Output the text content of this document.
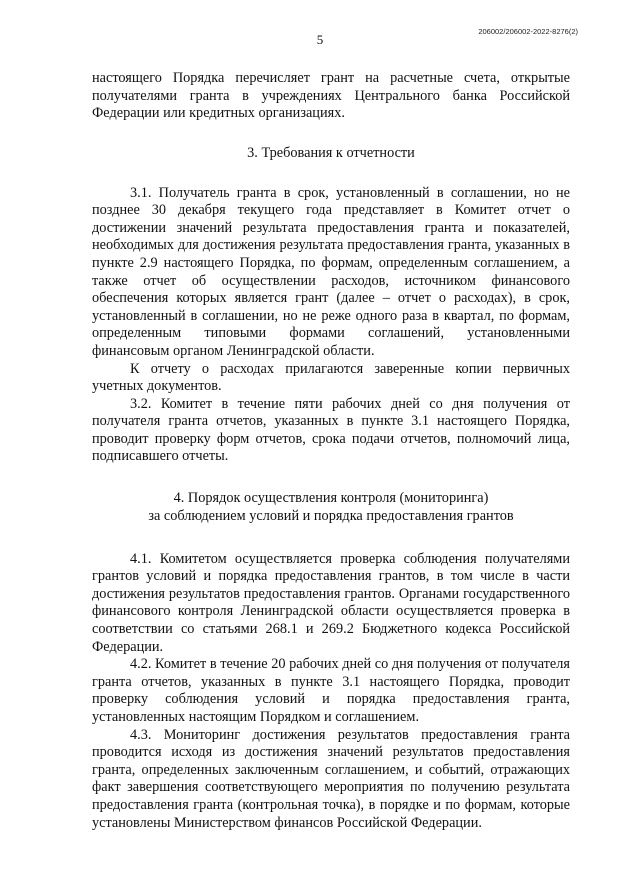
5
206002/206002-2022-8276(2)

настоящего Порядка перечисляет грант на расчетные счета, открытые получателями гранта в учреждениях Центрального банка Российской Федерации или кредитных организациях.

3. Требования к отчетности

3.1. Получатель гранта в срок, установленный в соглашении, но не позднее 30 декабря текущего года представляет в Комитет отчет о достижении значений результата предоставления гранта и показателей, необходимых для достижения результата предоставления гранта, указанных в пункте 2.9 настоящего Порядка, по формам, определенным соглашением, а также отчет об осуществлении расходов, источником финансового обеспечения которых является грант (далее – отчет о расходах), в срок, установленный в соглашении, но не реже одного раза в квартал, по формам, определенным типовыми формами соглашений, установленными финансовым органом Ленинградской области.

К отчету о расходах прилагаются заверенные копии первичных учетных документов.

3.2. Комитет в течение пяти рабочих дней со дня получения от получателя гранта отчетов, указанных в пункте 3.1 настоящего Порядка, проводит проверку форм отчетов, срока подачи отчетов, полномочий лица, подписавшего отчеты.

4. Порядок осуществления контроля (мониторинга)
за соблюдением условий и порядка предоставления грантов

4.1. Комитетом осуществляется проверка соблюдения получателями грантов условий и порядка предоставления грантов, в том числе в части достижения результатов предоставления грантов. Органами государственного финансового контроля Ленинградской области осуществляется проверка в соответствии со статьями 268.1 и 269.2 Бюджетного кодекса Российской Федерации.

4.2. Комитет в течение 20 рабочих дней со дня получения от получателя гранта отчетов, указанных в пункте 3.1 настоящего Порядка, проводит проверку соблюдения условий и порядка предоставления гранта, установленных настоящим Порядком и соглашением.

4.3. Мониторинг достижения результатов предоставления гранта проводится исходя из достижения значений результатов предоставления гранта, определенных заключенным соглашением, и событий, отражающих факт завершения соответствующего мероприятия по получению результата предоставления гранта (контрольная точка), в порядке и по формам, которые установлены Министерством финансов Российской Федерации.
